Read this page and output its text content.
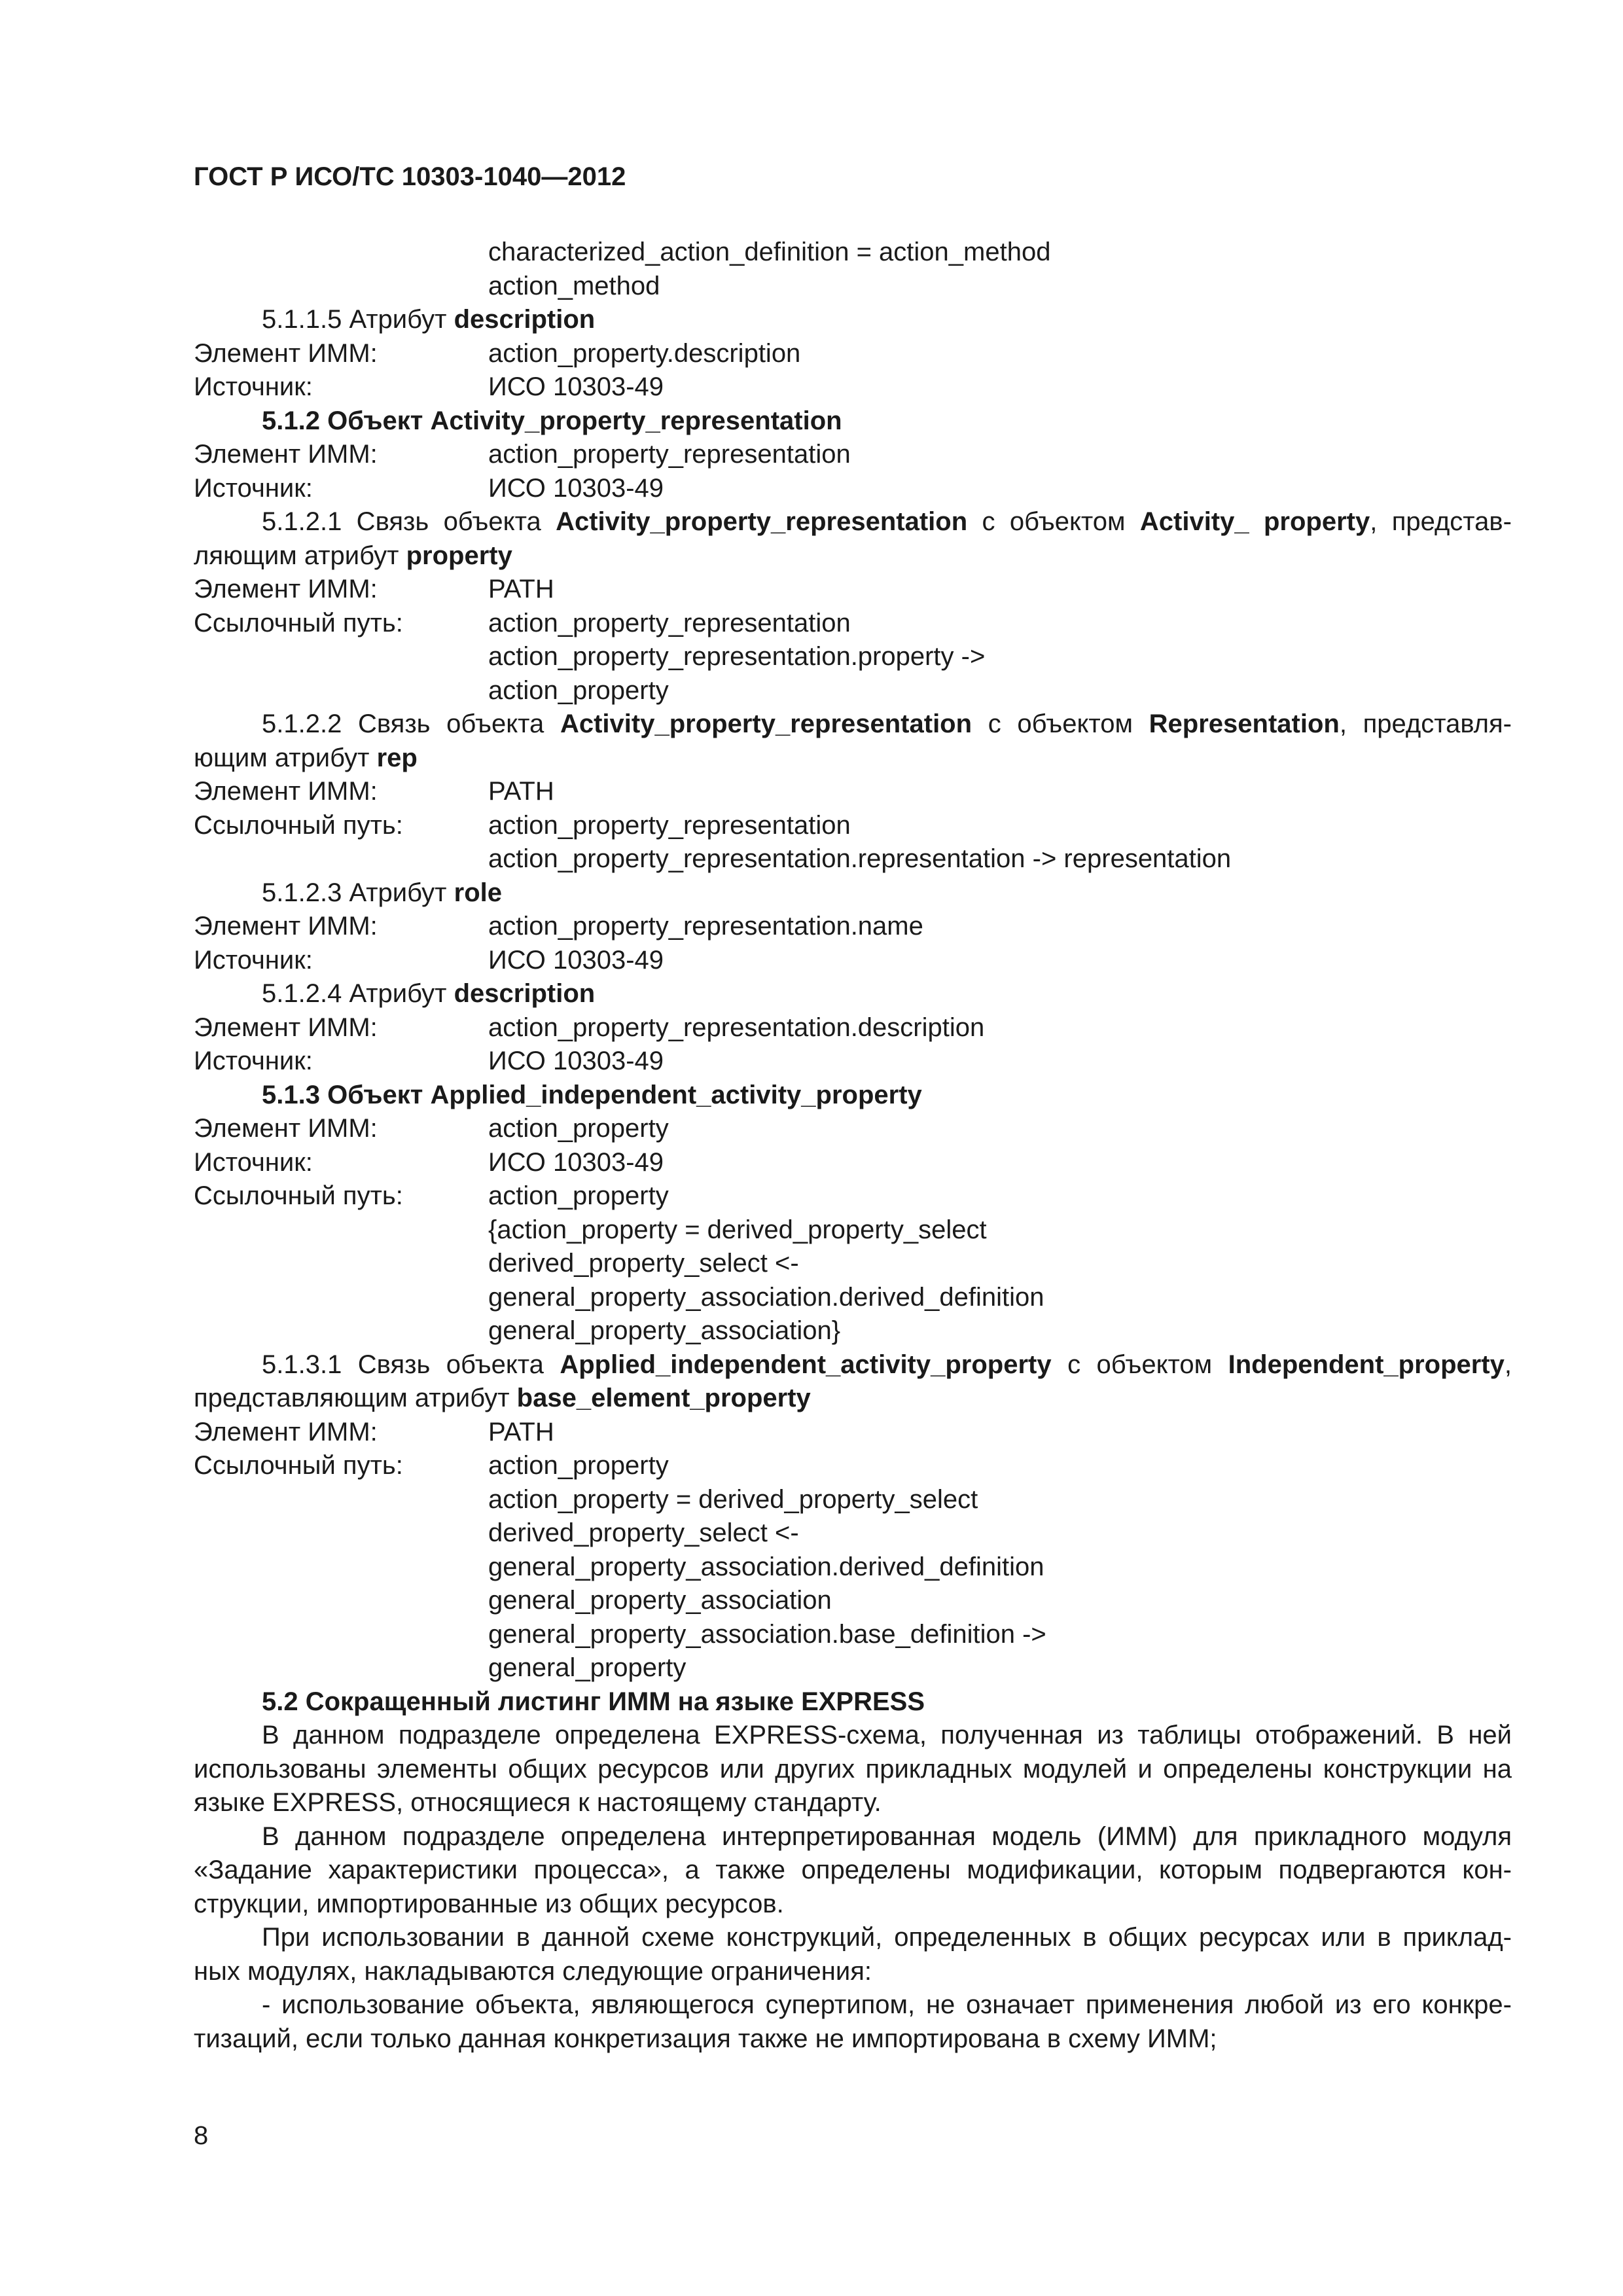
ГОСТ Р ИСО/ТС 10303-1040—2012
characterized_action_definition = action_method
action_method
5.1.1.5 Атрибут description
Элемент ИММ:	action_property.description
Источник:	ИСО 10303-49
5.1.2 Объект Activity_property_representation
Элемент ИММ:	action_property_representation
Источник:	ИСО 10303-49
5.1.2.1 Связь объекта Activity_property_representation с объектом Activity_ property, представ-
ляющим атрибут property
Элемент ИММ:	PATH
Ссылочный путь:	action_property_representation
action_property_representation.property ->
action_property
5.1.2.2 Связь объекта Activity_property_representation с объектом Representation, представля-
ющим атрибут rep
Элемент ИММ:	PATH
Ссылочный путь:	action_property_representation
action_property_representation.representation -> representation
5.1.2.3 Атрибут role
Элемент ИММ:	action_property_representation.name
Источник:	ИСО 10303-49
5.1.2.4 Атрибут description
Элемент ИММ:	action_property_representation.description
Источник:	ИСО 10303-49
5.1.3 Объект Applied_independent_activity_property
Элемент ИММ:	action_property
Источник:	ИСО 10303-49
Ссылочный путь:	action_property
{action_property = derived_property_select
derived_property_select <-
general_property_association.derived_definition
general_property_association}
5.1.3.1 Связь объекта Applied_independent_activity_property с объектом Independent_property,
представляющим атрибут base_element_property
Элемент ИММ:	PATH
Ссылочный путь:	action_property
action_property = derived_property_select
derived_property_select <-
general_property_association.derived_definition
general_property_association
general_property_association.base_definition ->
general_property
5.2 Сокращенный листинг ИММ на языке EXPRESS
В данном подразделе определена EXPRESS-схема, полученная из таблицы отображений. В ней
использованы элементы общих ресурсов или других прикладных модулей и определены конструкции на
языке EXPRESS, относящиеся к настоящему стандарту.
В данном подразделе определена интерпретированная модель (ИММ) для прикладного модуля
«Задание характеристики процесса», а также определены модификации, которым подвергаются кон-
струкции, импортированные из общих ресурсов.
При использовании в данной схеме конструкций, определенных в общих ресурсах или в приклад-
ных модулях, накладываются следующие ограничения:
- использование объекта, являющегося супертипом, не означает применения любой из его конкре-
тизаций, если только данная конкретизация также не импортирована в схему ИММ;
8
